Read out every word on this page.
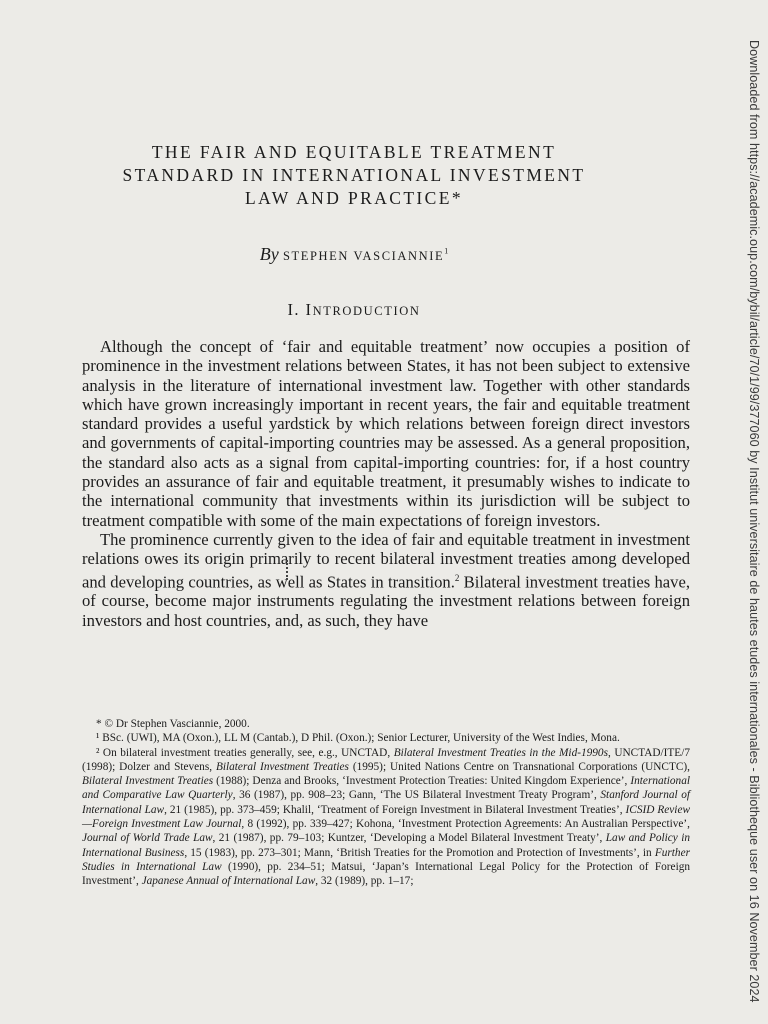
THE FAIR AND EQUITABLE TREATMENT
STANDARD IN INTERNATIONAL INVESTMENT
LAW AND PRACTICE*
By STEPHEN VASCIANNIE$^1$
I. INTRODUCTION

Although the concept of ‘fair and equitable treatment’ now occupies a position of prominence in the investment relations between States, it has not been subject to extensive analysis in the literature of international investment law. Together with other standards which have grown increasingly important in recent years, the fair and equitable treatment standard provides a useful yardstick by which relations between foreign direct investors and governments of capital-importing countries may be assessed. As a general proposition, the standard also acts as a signal from capital-importing countries: for, if a host country provides an assurance of fair and equitable treatment, it presumably wishes to indicate to the international community that investments within its jurisdiction will be subject to treatment compatible with some of the main expectations of foreign investors.

The prominence currently given to the idea of fair and equitable treatment in investment relations owes its origin primarily to recent bilateral investment treaties among developed and developing countries, as well as States in transition.$^2$ Bilateral investment treaties have, of course, become major instruments regulating the investment relations between foreign investors and host countries, and, as such, they have

* © Dr Stephen Vasciannie, 2000.

¹ BSc. (UWI), MA (Oxon.), LL M (Cantab.), D Phil. (Oxon.); Senior Lecturer, University of the West Indies, Mona.

² On bilateral investment treaties generally, see, e.g., UNCTAD, Bilateral Investment Treaties in the Mid-1990s, UNCTAD/ITE/7 (1998); Dolzer and Stevens, Bilateral Investment Treaties (1995); United Nations Centre on Transnational Corporations (UNCTC), Bilateral Investment Treaties (1988); Denza and Brooks, ‘Investment Protection Treaties: United Kingdom Experience’, International and Comparative Law Quarterly, 36 (1987), pp. 908–23; Gann, ‘The US Bilateral Investment Treaty Program’, Stanford Journal of International Law, 21 (1985), pp. 373–459; Khalil, ‘Treatment of Foreign Investment in Bilateral Investment Treaties’, ICSID Review—Foreign Investment Law Journal, 8 (1992), pp. 339–427; Kohona, ‘Investment Protection Agreements: An Australian Perspective’, Journal of World Trade Law, 21 (1987), pp. 79–103; Kuntzer, ‘Developing a Model Bilateral Investment Treaty’, Law and Policy in International Business, 15 (1983), pp. 273–301; Mann, ‘British Treaties for the Promotion and Protection of Investments’, in Further Studies in International Law (1990), pp. 234–51; Matsui, ‘Japan’s International Legal Policy for the Protection of Foreign Investment’, Japanese Annual of International Law, 32 (1989), pp. 1–17;	Downloaded from https://academic.oup.com/bybil/article/70/1/99/377060 by Institut universitaire de hautes etudes internationales - Bibliotheque user on 16 November 2024
